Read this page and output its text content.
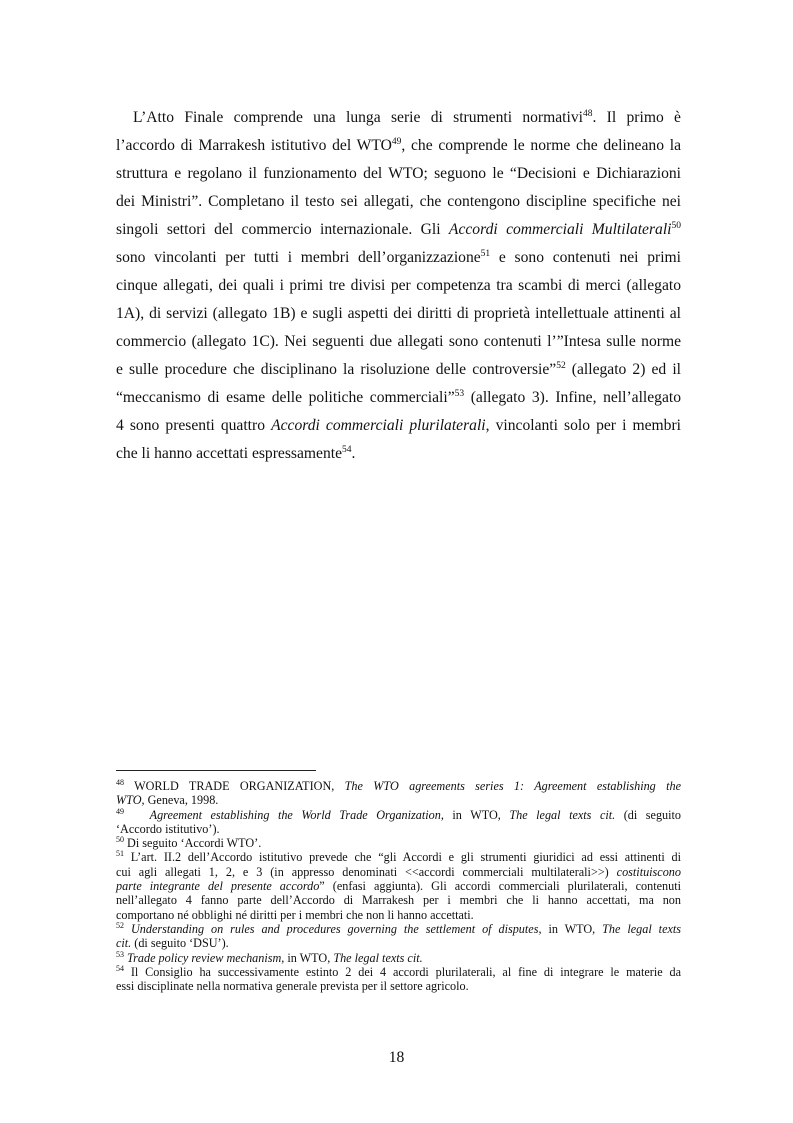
L’Atto Finale comprende una lunga serie di strumenti normativi$^{48}$. Il primo è
l’accordo di Marrakesh istitutivo del WTO$^{49}$, che comprende le norme che delineano la
struttura e regolano il funzionamento del WTO; seguono le “Decisioni e Dichiarazioni
dei Ministri”. Completano il testo sei allegati, che contengono discipline specifiche nei
singoli settori del commercio internazionale. Gli Accordi commerciali Multilaterali$^{50}$
sono vincolanti per tutti i membri dell’organizzazione$^{51}$ e sono contenuti nei primi
cinque allegati, dei quali i primi tre divisi per competenza tra scambi di merci (allegato
1A), di servizi (allegato 1B) e sugli aspetti dei diritti di proprietà intellettuale attinenti al
commercio (allegato 1C). Nei seguenti due allegati sono contenuti l’”Intesa sulle norme
e sulle procedure che disciplinano la risoluzione delle controversie”$^{52}$ (allegato 2) ed il
“meccanismo di esame delle politiche commerciali”$^{53}$ (allegato 3). Infine, nell’allegato
4 sono presenti quattro Accordi commerciali plurilaterali, vincolanti solo per i membri
che li hanno accettati espressamente$^{54}$.
$^{48}$ WORLD TRADE ORGANIZATION, The WTO agreements series 1: Agreement establishing the
WTO, Geneva, 1998.
$^{49}$ Agreement establishing the World Trade Organization, in WTO, The legal texts cit. (di seguito
‘Accordo istitutivo’).
$^{50}$ Di seguito ‘Accordi WTO’.
$^{51}$ L’art. II.2 dell’Accordo istitutivo prevede che “gli Accordi e gli strumenti giuridici ad essi attinenti di
cui agli allegati 1, 2, e 3 (in appresso denominati <<accordi commerciali multilaterali>>) costituiscono
parte integrante del presente accordo” (enfasi aggiunta). Gli accordi commerciali plurilaterali, contenuti
nell’allegato 4 fanno parte dell’Accordo di Marrakesh per i membri che li hanno accettati, ma non
comportano né obblighi né diritti per i membri che non li hanno accettati.
$^{52}$ Understanding on rules and procedures governing the settlement of disputes, in WTO, The legal texts
cit. (di seguito ‘DSU’).
$^{53}$ Trade policy review mechanism, in WTO, The legal texts cit.
$^{54}$ Il Consiglio ha successivamente estinto 2 dei 4 accordi plurilaterali, al fine di integrare le materie da
essi disciplinate nella normativa generale prevista per il settore agricolo.
18
